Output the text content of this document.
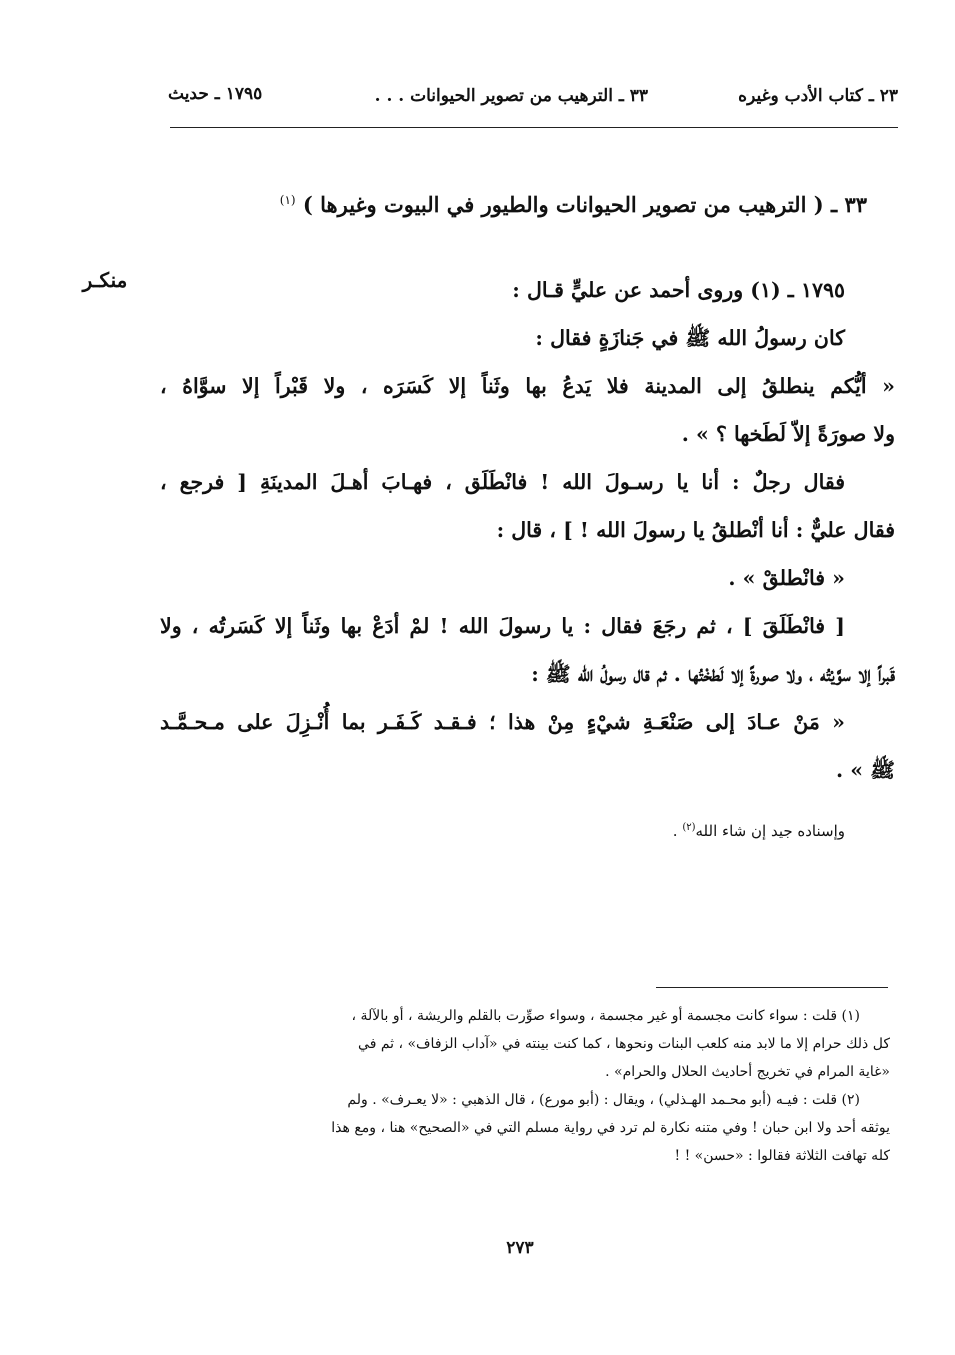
٢٣ ـ كتاب الأدب وغيره
٣٣ ـ الترهيب من تصوير الحيوانات . . .
١٧٩٥ ـ حديث
٣٣ ـ ( الترهيب من تصوير الحيوانات والطيور في البيوت وغيرها ) $^{(١)}$
منكـر	١٧٩٥ ـ (١) وروى أحمد عن عليٍّ قـال :
كان رسولُ الله ﷺ في جَنازَةٍ فقال :
« أيُّكم ينطلقُ إلى المدينة فلا يَدعُ بها وثَناً إلا كَسَرَه ، ولا قَبْراً إلا سوَّاهُ ،
ولا صورَةً إلاّ لَطَخها ؟ » .
فقال رجلٌ : أنا يا رسـولَ الله ! فانْطَلَق ، فهـابَ أهـلَ المدينَةِ [ فرجع ،
فقال عليٌّ : أنا أنْطلقُ يا رسولَ الله ! ] ، قال :
« فانْطلقْ » .
[ فانْطَلَقَ ] ، ثم رجَعَ فقال : يا رسولَ الله ! لمْ أدَعْ بها وثَناً إلا كَسَرتُه ، ولا
قَبراً إلا سوَّيْتُه ، ولا صورةً إلا لَطخْتُها . ثم قال رسولُ الله ﷺ :
« مَنْ عـادَ إلى صَنْعَـةِ شيْءٍ مِنْ هذا ؛ فـقـد كَـفَـر بما أُنْـزِلَ على مـحـمَّـد
ﷺ » .
وإسناده جيد إن شاء الله$^{(٢)}$ .
(١) قلت : سواء كانت مجسمة أو غير مجسمة ، وسواء صوِّرت بالقلم والريشة ، أو بالآلة ،
كل ذلك حرام إلا ما لابد منه كلعب البنات ونحوها ، كما كنت بينته في «آداب الزفاف» ، ثم في
«غاية المرام في تخريج أحاديث الحلال والحرام» .
(٢) قلت : فيـه (أبو محـمد الهـذلي) ، ويقال : (أبو مورع) ، قال الذهبي : «لا يعـرف» . ولم
يوثقه أحد ولا ابن حبان ! وفي متنه نكارة لم ترد في رواية مسلم التي في «الصحيح» هنا ، ومع هذا
كله تهافت الثلاثة فقالوا : «حسن» ! !
٢٧٣
